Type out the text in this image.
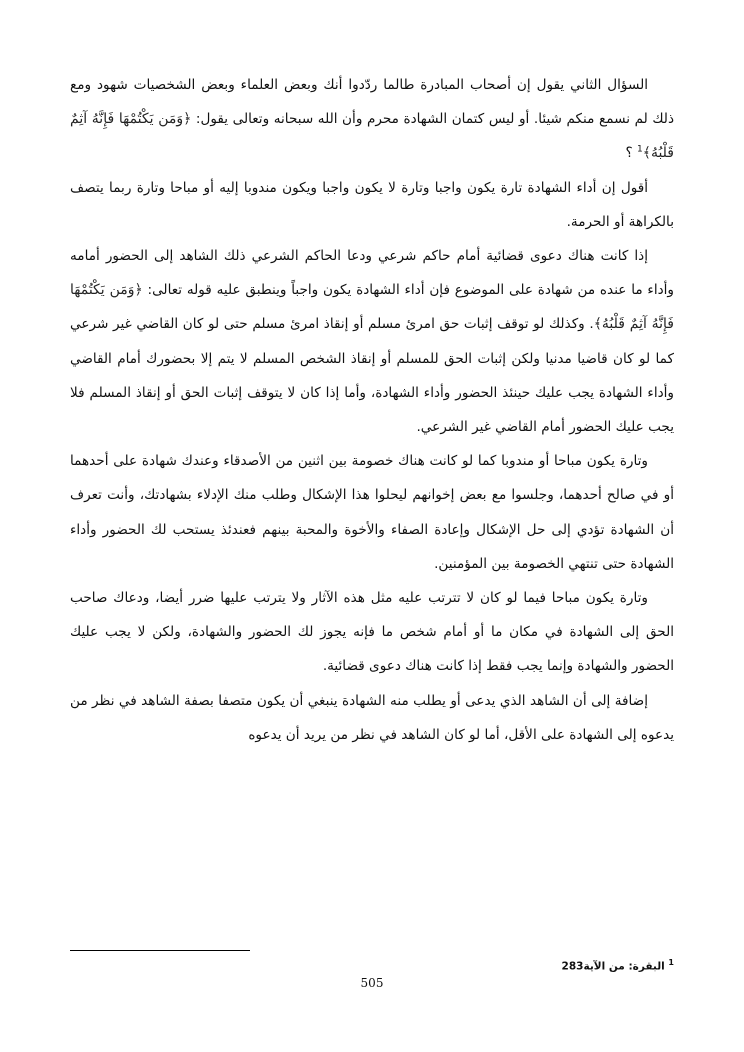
السؤال الثاني يقول إن أصحاب المبادرة طالما ردّدوا أنك وبعض العلماء وبعض الشخصيات شهود ومع ذلك لم نسمع منكم شيئا. أو ليس كتمان الشهادة محرم وأن الله سبحانه وتعالى يقول: ﴿وَمَن يَكْتُمْهَا فَإِنَّهُ آثِمٌ قَلْبُهُ﴾$^1$ ؟

أقول إن أداء الشهادة تارة يكون واجبا وتارة لا يكون واجبا ويكون مندوبا إليه أو مباحا وتارة ربما يتصف بالكراهة أو الحرمة.

إذا كانت هناك دعوى قضائية أمام حاكم شرعي ودعا الحاكم الشرعي ذلك الشاهد إلى الحضور أمامه وأداء ما عنده من شهادة على الموضوع فإن أداء الشهادة يكون واجباً وينطبق عليه قوله تعالى: ﴿وَمَن يَكْتُمْهَا فَإِنَّهُ آثِمٌ قَلْبُهُ﴾. وكذلك لو توقف إثبات حق امرئ مسلم أو إنقاذ امرئ مسلم حتى لو كان القاضي غير شرعي كما لو كان قاضيا مدنيا ولكن إثبات الحق للمسلم أو إنقاذ الشخص المسلم لا يتم إلا بحضورك أمام القاضي وأداء الشهادة يجب عليك حينئذ الحضور وأداء الشهادة، وأما إذا كان لا يتوقف إثبات الحق أو إنقاذ المسلم فلا يجب عليك الحضور أمام القاضي غير الشرعي.

وتارة يكون مباحا أو مندوبا كما لو كانت هناك خصومة بين اثنين من الأصدقاء وعندك شهادة على أحدهما أو في صالح أحدهما، وجلسوا مع بعض إخوانهم ليحلوا هذا الإشكال وطلب منك الإدلاء بشهادتك، وأنت تعرف أن الشهادة تؤدي إلى حل الإشكال وإعادة الصفاء والأخوة والمحبة بينهم فعندئذ يستحب لك الحضور وأداء الشهادة حتى تنتهي الخصومة بين المؤمنين.

وتارة يكون مباحا فيما لو كان لا تترتب عليه مثل هذه الآثار ولا يترتب عليها ضرر أيضا، ودعاك صاحب الحق إلى الشهادة في مكان ما أو أمام شخص ما فإنه يجوز لك الحضور والشهادة، ولكن لا يجب عليك الحضور والشهادة وإنما يجب فقط إذا كانت هناك دعوى قضائية.

إضافة إلى أن الشاهد الذي يدعى أو يطلب منه الشهادة ينبغي أن يكون متصفا بصفة الشاهد في نظر من يدعوه إلى الشهادة على الأقل، أما لو كان الشاهد في نظر من يريد أن يدعوه

$^1$ البقرة: من الآية283
505
